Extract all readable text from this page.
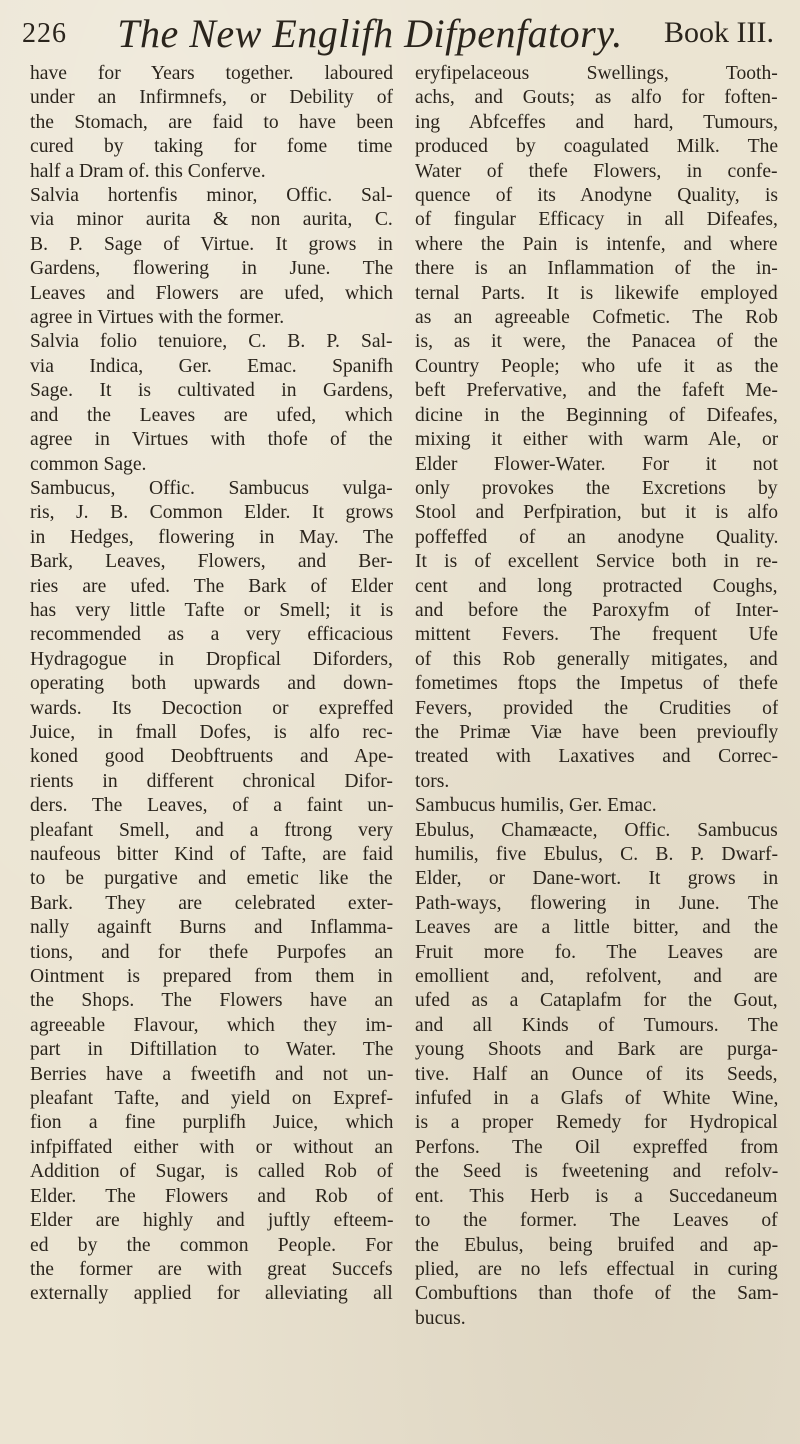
226	The New Englifh Difpenfatory.	Book III.
have for Years together. laboured
under an Infirmnefs, or Debility of
the Stomach, are faid to have been
cured by taking for fome time
half a Dram of. this Conferve.
Salvia hortenfis minor, Offic. Sal-
via minor aurita & non aurita, C.
B. P. Sage of Virtue. It grows in
Gardens, flowering in June. The
Leaves and Flowers are ufed, which
agree in Virtues with the former.
Salvia folio tenuiore, C. B. P. Sal-
via Indica, Ger. Emac. Spanifh
Sage. It is cultivated in Gardens,
and the Leaves are ufed, which
agree in Virtues with thofe of the
common Sage.
Sambucus, Offic. Sambucus vulga-
ris, J. B. Common Elder. It grows
in Hedges, flowering in May. The
Bark, Leaves, Flowers, and Ber-
ries are ufed. The Bark of Elder
has very little Tafte or Smell; it is
recommended as a very efficacious
Hydragogue in Dropfical Diforders,
operating both upwards and down-
wards. Its Decoction or expreffed
Juice, in fmall Dofes, is alfo rec-
koned good Deobftruents and Ape-
rients in different chronical Difor-
ders. The Leaves, of a faint un-
pleafant Smell, and a ftrong very
naufeous bitter Kind of Tafte, are faid
to be purgative and emetic like the
Bark. They are celebrated exter-
nally againft Burns and Inflamma-
tions, and for thefe Purpofes an
Ointment is prepared from them in
the Shops. The Flowers have an
agreeable Flavour, which they im-
part in Diftillation to Water. The
Berries have a fweetifh and not un-
pleafant Tafte, and yield on Expref-
fion a fine purplifh Juice, which
infpiffated either with or without an
Addition of Sugar, is called Rob of
Elder. The Flowers and Rob of
Elder are highly and juftly efteem-
ed by the common People. For
the former are with great Succefs
externally applied for alleviating all
eryfipelaceous Swellings, Tooth-
achs, and Gouts; as alfo for foften-
ing Abfceffes and hard, Tumours,
produced by coagulated Milk. The
Water of thefe Flowers, in confe-
quence of its Anodyne Quality, is
of fingular Efficacy in all Difeafes,
where the Pain is intenfe, and where
there is an Inflammation of the in-
ternal Parts. It is likewife employed
as an agreeable Cofmetic. The Rob
is, as it were, the Panacea of the
Country People; who ufe it as the
beft Prefervative, and the fafeft Me-
dicine in the Beginning of Difeafes,
mixing it either with warm Ale, or
Elder Flower-Water. For it not
only provokes the Excretions by
Stool and Perfpiration, but it is alfo
poffeffed of an anodyne Quality.
It is of excellent Service both in re-
cent and long protracted Coughs,
and before the Paroxyfm of Inter-
mittent Fevers. The frequent Ufe
of this Rob generally mitigates, and
fometimes ftops the Impetus of thefe
Fevers, provided the Crudities of
the Primæ Viæ have been previoufly
treated with Laxatives and Correc-
tors.
Sambucus humilis, Ger. Emac.
Ebulus, Chamæacte, Offic. Sambucus
humilis, five Ebulus, C. B. P. Dwarf-
Elder, or Dane-wort. It grows in
Path-ways, flowering in June. The
Leaves are a little bitter, and the
Fruit more fo. The Leaves are
emollient and, refolvent, and are
ufed as a Cataplafm for the Gout,
and all Kinds of Tumours. The
young Shoots and Bark are purga-
tive. Half an Ounce of its Seeds,
infufed in a Glafs of White Wine,
is a proper Remedy for Hydropical
Perfons. The Oil expreffed from
the Seed is fweetening and refolv-
ent. This Herb is a Succedaneum
to the former. The Leaves of
the Ebulus, being bruifed and ap-
plied, are no lefs effectual in curing
Combuftions than thofe of the Sam-
bucus.
